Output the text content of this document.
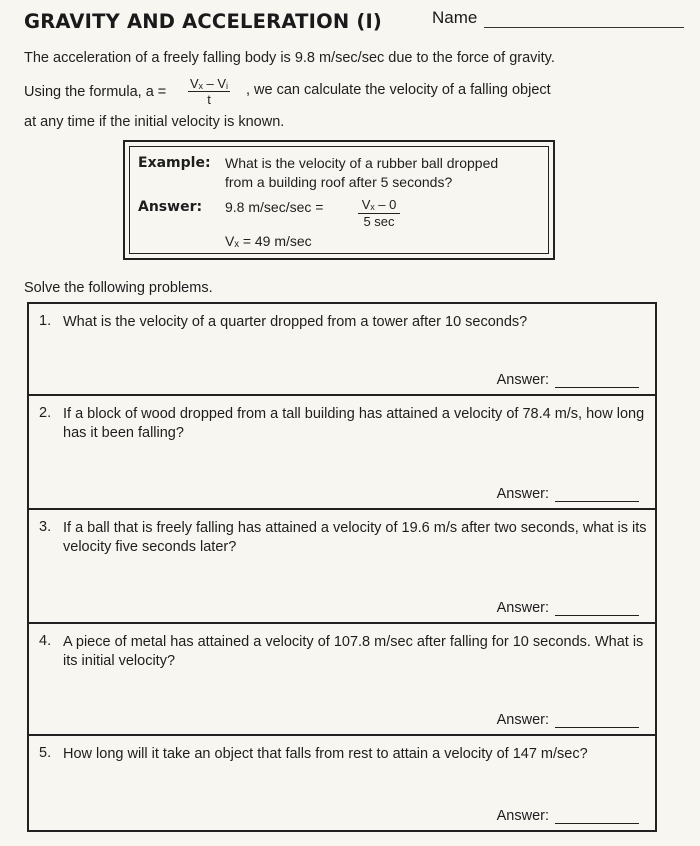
GRAVITY AND ACCELERATION (I)	Name
The acceleration of a freely falling body is 9.8 m/sec/sec due to the force of gravity.
Using the formula, $a = \frac{\text{Vₓ – Vᵢ}}{t}$ , we can calculate the velocity of a falling object
at any time if the initial velocity is known.
Example: What is the velocity of a rubber ball dropped
from a building roof after 5 seconds?
Answer: 9.8 m/sec/sec =	Vₓ – 0
5 sec
Vₓ = 49 m/sec
Solve the following problems.
1. What is the velocity of a quarter dropped from a tower after 10 seconds?
Answer:
2. If a block of wood dropped from a tall building has attained a velocity of 78.4 m/s, how long has it been falling?
Answer:
3. If a ball that is freely falling has attained a velocity of 19.6 m/s after two seconds, what is its velocity five seconds later?
Answer:
4. A piece of metal has attained a velocity of 107.8 m/sec after falling for 10 seconds. What is its initial velocity?
Answer:
5. How long will it take an object that falls from rest to attain a velocity of 147 m/sec?
Answer:
